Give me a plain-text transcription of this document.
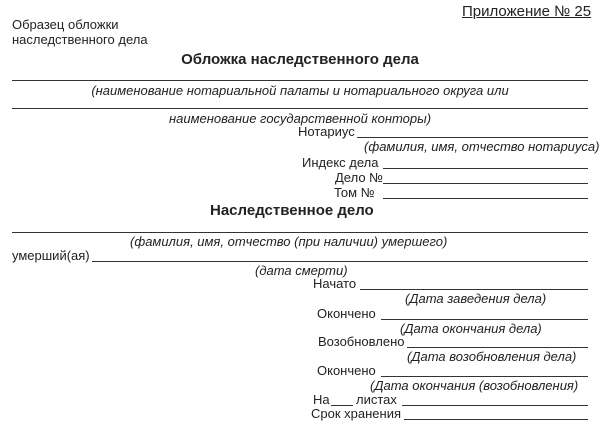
Образец обложки
наследственного дела
Приложение № 25
Обложка наследственного дела
(наименование нотариальной палаты и нотариального округа или
наименование государственной конторы)
Нотариус
(фамилия, имя, отчество нотариуса)
Индекс дела
Дело №
Том №
Наследственное дело
(фамилия, имя, отчество (при наличии) умершего)
умерший(ая)
(дата смерти)
Начато
(Дата заведения дела)
Окончено
(Дата окончания дела)
Возобновлено
(Дата возобновления дела)
Окончено
(Дата окончания (возобновления)
На листах
Срок хранения
